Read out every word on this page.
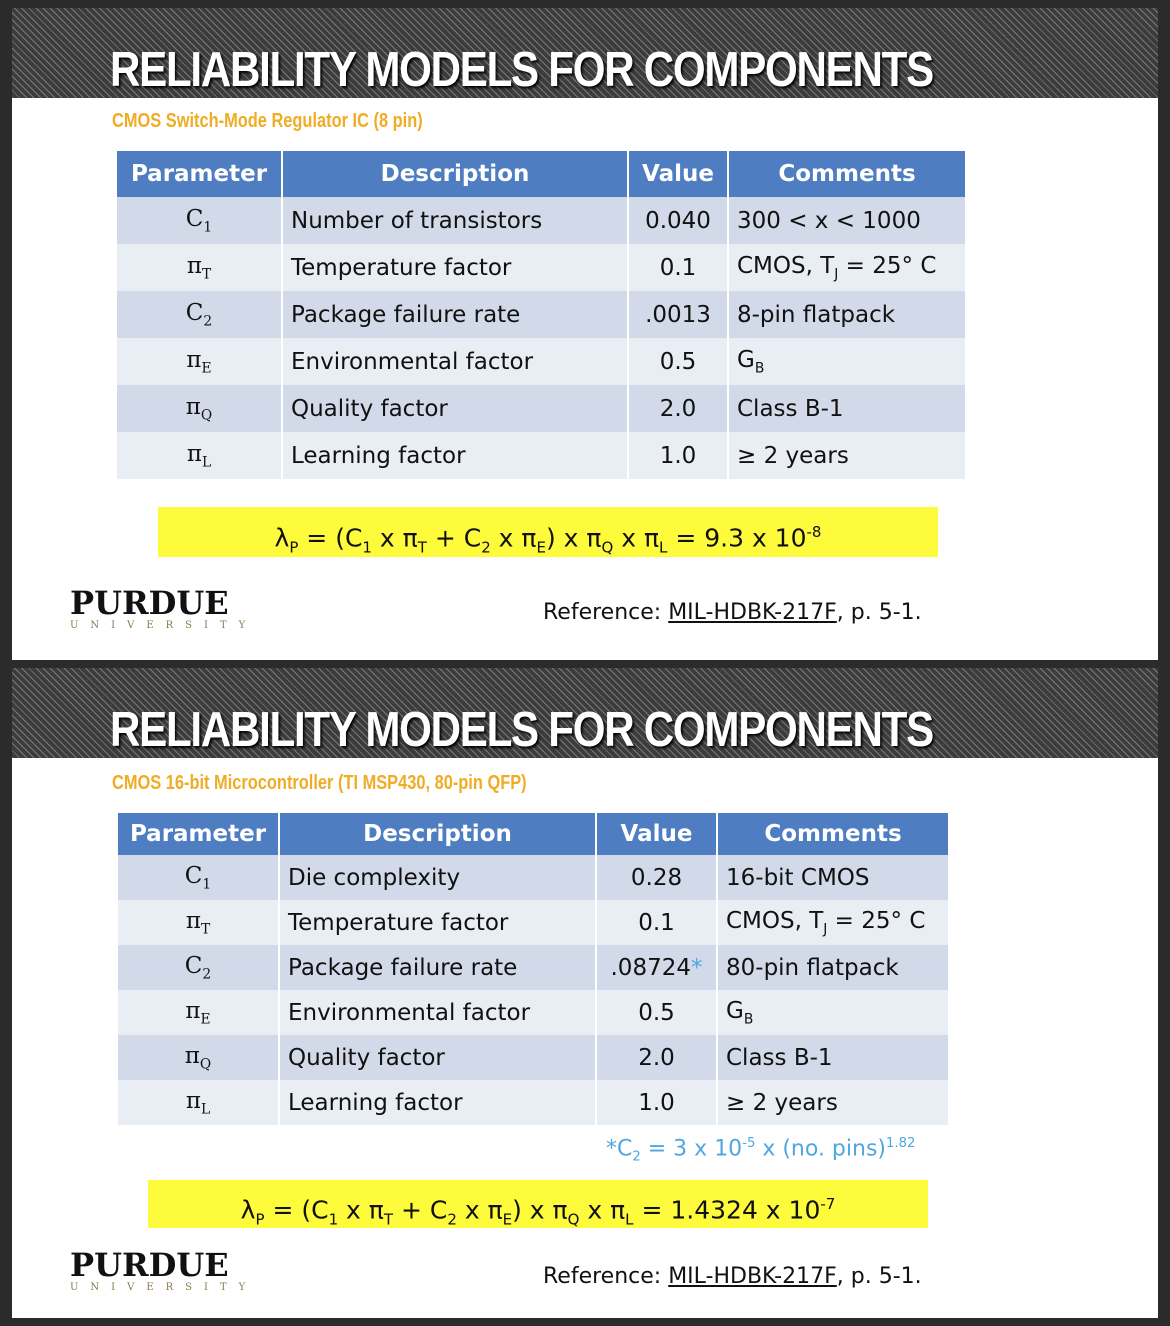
RELIABILITY MODELS FOR COMPONENTS
CMOS Switch-Mode Regulator IC (8 pin)
Parameter	Description	Value	Comments
$C_1$	Number of transistors	0.040	300 < x < 1000
$\pi_T$	Temperature factor	0.1	CMOS, $T_J = 25^\circ$ C
$C_2$	Package failure rate	.0013	8-pin flatpack
$\pi_E$	Environmental factor	0.5	$G_B$
$\pi_Q$	Quality factor	2.0	Class B-1
$\pi_L$	Learning factor	1.0	≥ 2 years
$\lambda_P = (C_1$ x $\pi_T + C_2$ x $\pi_E$) x $\pi_Q$ x $\pi_L = 9.3$ x $10^{-8}$
PURDUE
UNIVERSITY
Reference: MIL-HDBK-217F, p. 5-1.
RELIABILITY MODELS FOR COMPONENTS
CMOS 16-bit Microcontroller (TI MSP430, 80-pin QFP)
Parameter	Description	Value	Comments
$C_1$	Die complexity	0.28	16-bit CMOS
$\pi_T$	Temperature factor	0.1	CMOS, $T_J = 25^\circ$ C
$C_2$	Package failure rate	.08724*	80-pin flatpack
$\pi_E$	Environmental factor	0.5	$G_B$
$\pi_Q$	Quality factor	2.0	Class B-1
$\pi_L$	Learning factor	1.0	≥ 2 years
$*C_2 = 3$ x $10^{-5}$ x (no. pins)$^{1.82}$
$\lambda_P = (C_1$ x $\pi_T + C_2$ x $\pi_E$) x $\pi_Q$ x $\pi_L = 1.4324$ x $10^{-7}$
PURDUE
UNIVERSITY	Reference: MIL-HDBK-217F, p. 5-1.
